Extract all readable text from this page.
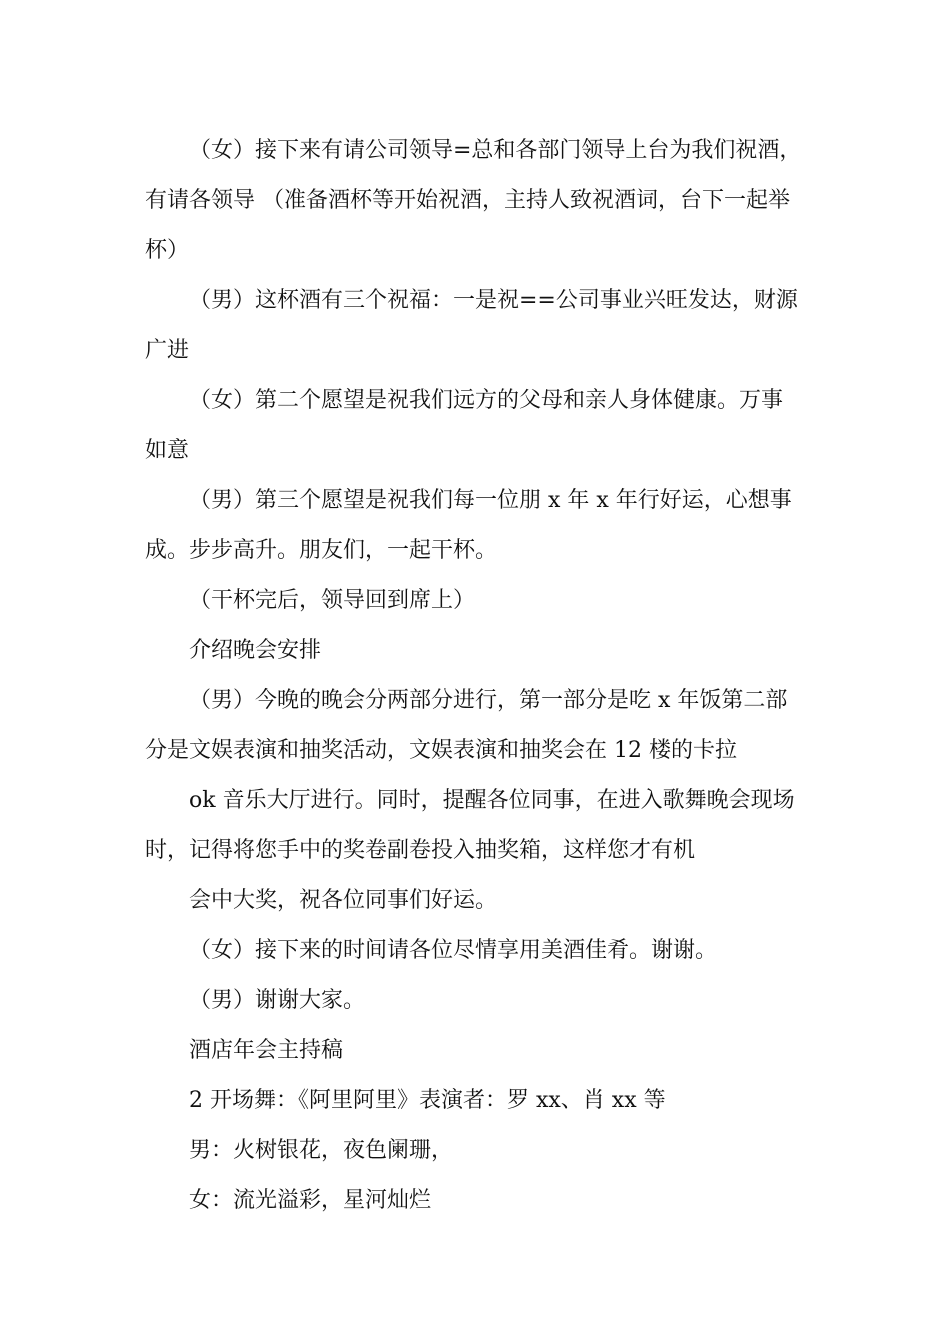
（女）接下来有请公司领导=总和各部门领导上台为我们祝酒，
有请各领导 （准备酒杯等开始祝酒，主持人致祝酒词，台下一起举
杯）
（男）这杯酒有三个祝福：一是祝==公司事业兴旺发达，财源
广进
（女）第二个愿望是祝我们远方的父母和亲人身体健康。万事
如意
（男）第三个愿望是祝我们每一位朋 x 年 x 年行好运，心想事
成。步步高升。朋友们，一起干杯。
（干杯完后，领导回到席上）
介绍晚会安排
（男）今晚的晚会分两部分进行，第一部分是吃 x 年饭第二部
分是文娱表演和抽奖活动，文娱表演和抽奖会在 12 楼的卡拉
ok 音乐大厅进行。同时，提醒各位同事，在进入歌舞晚会现场
时，记得将您手中的奖卷副卷投入抽奖箱，这样您才有机
会中大奖，祝各位同事们好运。
（女）接下来的时间请各位尽情享用美酒佳肴。谢谢。
（男）谢谢大家。
酒店年会主持稿
2 开场舞：《阿里阿里》表演者：罗 xx、肖 xx 等
男：火树银花，夜色阑珊，
女：流光溢彩，星河灿烂
